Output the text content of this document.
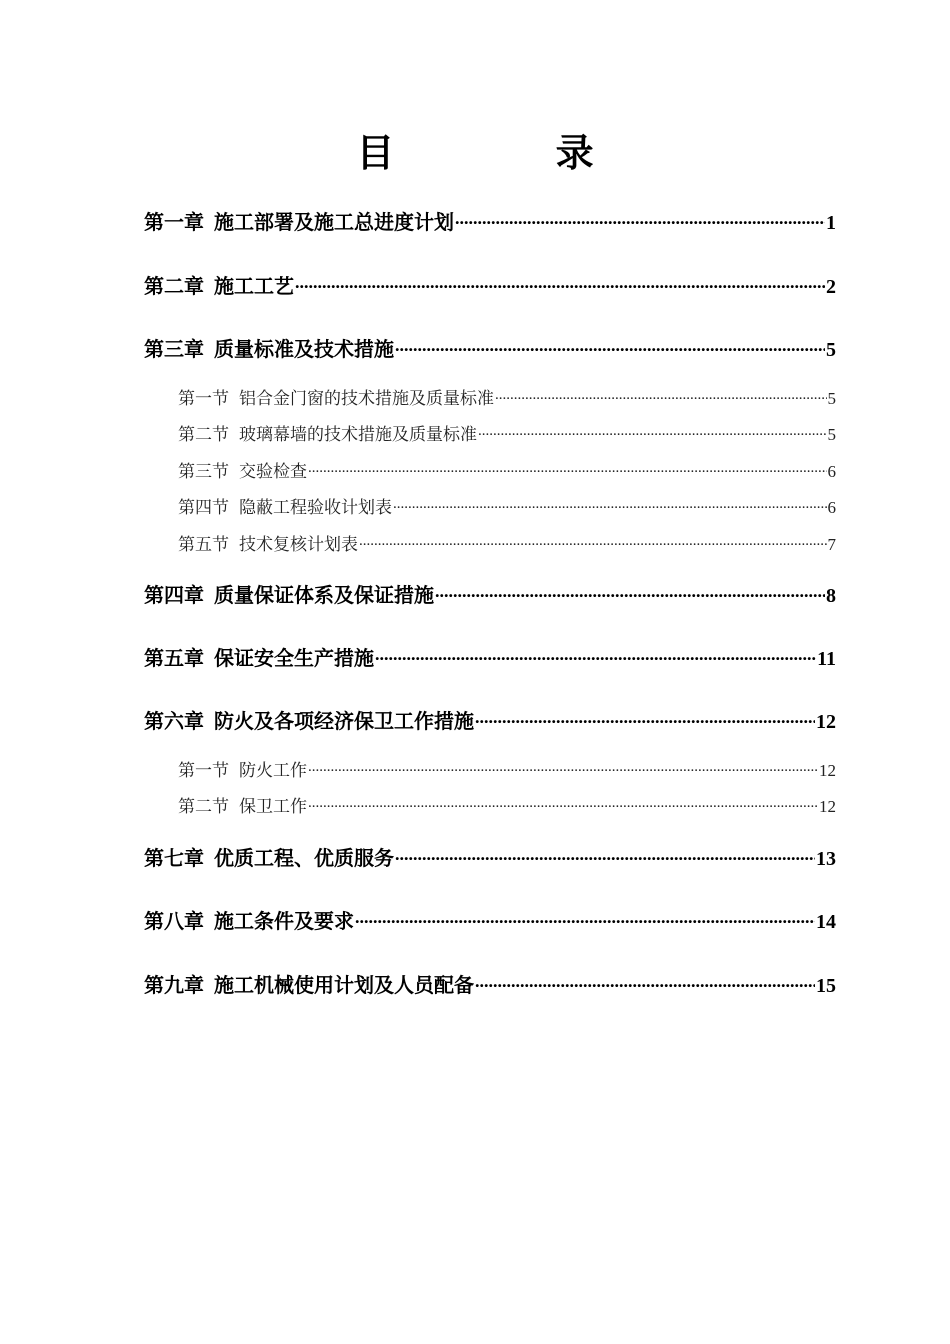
目 录
第一章 施工部署及施工总进度计划 .....	1
第二章 施工工艺 .....	2
第三章 质量标准及技术措施 .....	5
第一节 铝合金门窗的技术措施及质量标准 .....	5
第二节 玻璃幕墙的技术措施及质量标准 .....	5
第三节 交验检查 .....	6
第四节 隐蔽工程验收计划表 .....	6
第五节 技术复核计划表 .....	7
第四章 质量保证体系及保证措施 .....	8
第五章 保证安全生产措施 .....	11
第六章 防火及各项经济保卫工作措施 .....	12
第一节 防火工作 .....	12
第二节 保卫工作 .....	12
第七章 优质工程、优质服务 .....	13
第八章 施工条件及要求 .....	14
第九章 施工机械使用计划及人员配备 .....	15
